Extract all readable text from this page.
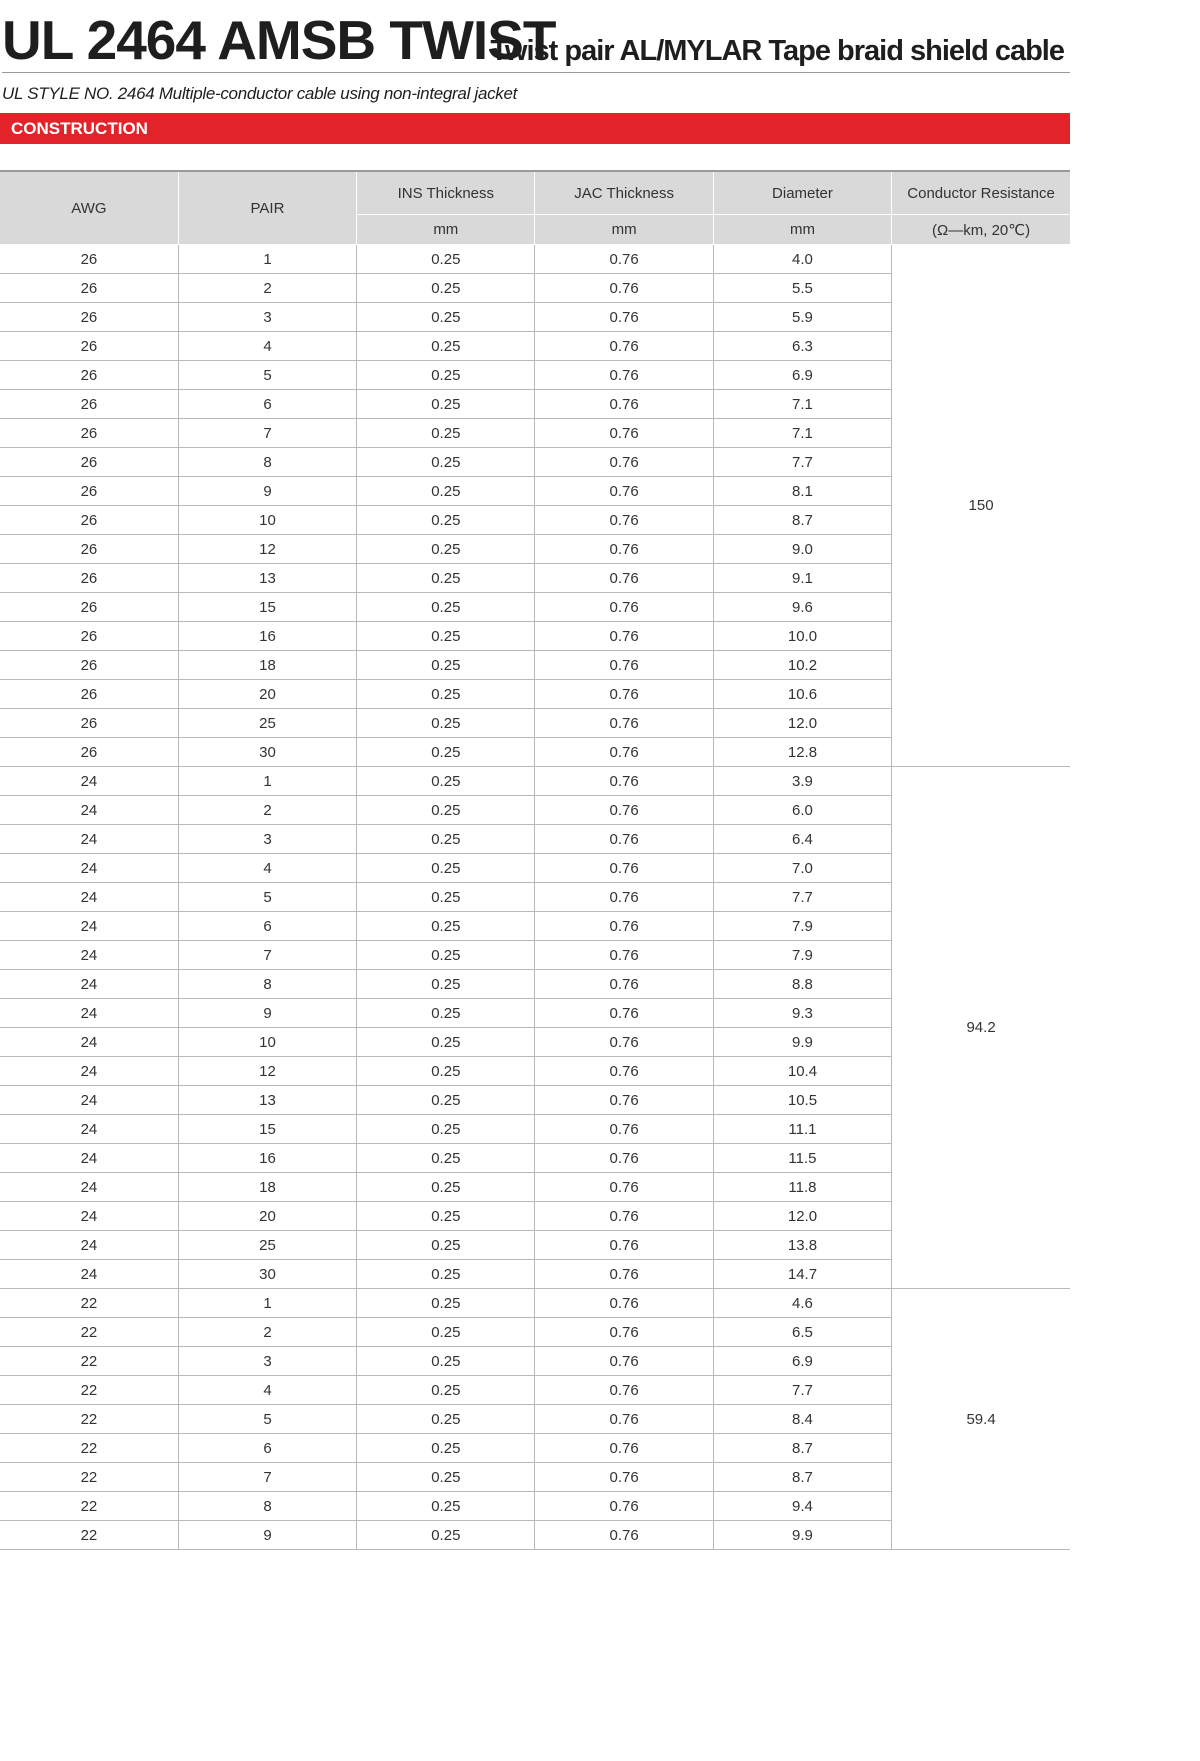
UL 2464 AMSB TWIST
Twist pair AL/MYLAR Tape braid shield cable
UL STYLE NO. 2464 Multiple-conductor cable using non-integral jacket
CONSTRUCTION
AWG	PAIR	INS Thickness	JAC Thickness	Diameter	Conductor Resistance
		mm	mm	mm	(Ω—km, 20℃)
26	1	0.25	0.76	4.0	150
26	2	0.25	0.76	5.5	
26	3	0.25	0.76	5.9	
26	4	0.25	0.76	6.3	
26	5	0.25	0.76	6.9	
26	6	0.25	0.76	7.1	
26	7	0.25	0.76	7.1	
26	8	0.25	0.76	7.7	
26	9	0.25	0.76	8.1	
26	10	0.25	0.76	8.7	
26	12	0.25	0.76	9.0	
26	13	0.25	0.76	9.1	
26	15	0.25	0.76	9.6	
26	16	0.25	0.76	10.0	
26	18	0.25	0.76	10.2	
26	20	0.25	0.76	10.6	
26	25	0.25	0.76	12.0	
26	30	0.25	0.76	12.8	
24	1	0.25	0.76	3.9	94.2
24	2	0.25	0.76	6.0	
24	3	0.25	0.76	6.4	
24	4	0.25	0.76	7.0	
24	5	0.25	0.76	7.7	
24	6	0.25	0.76	7.9	
24	7	0.25	0.76	7.9	
24	8	0.25	0.76	8.8	
24	9	0.25	0.76	9.3	
24	10	0.25	0.76	9.9	
24	12	0.25	0.76	10.4	
24	13	0.25	0.76	10.5	
24	15	0.25	0.76	11.1	
24	16	0.25	0.76	11.5	
24	18	0.25	0.76	11.8	
24	20	0.25	0.76	12.0	
24	25	0.25	0.76	13.8	
24	30	0.25	0.76	14.7	
22	1	0.25	0.76	4.6	59.4
22	2	0.25	0.76	6.5	
22	3	0.25	0.76	6.9	
22	4	0.25	0.76	7.7	
22	5	0.25	0.76	8.4	
22	6	0.25	0.76	8.7	
22	7	0.25	0.76	8.7	
22	8	0.25	0.76	9.4	
22	9	0.25	0.76	9.9	
